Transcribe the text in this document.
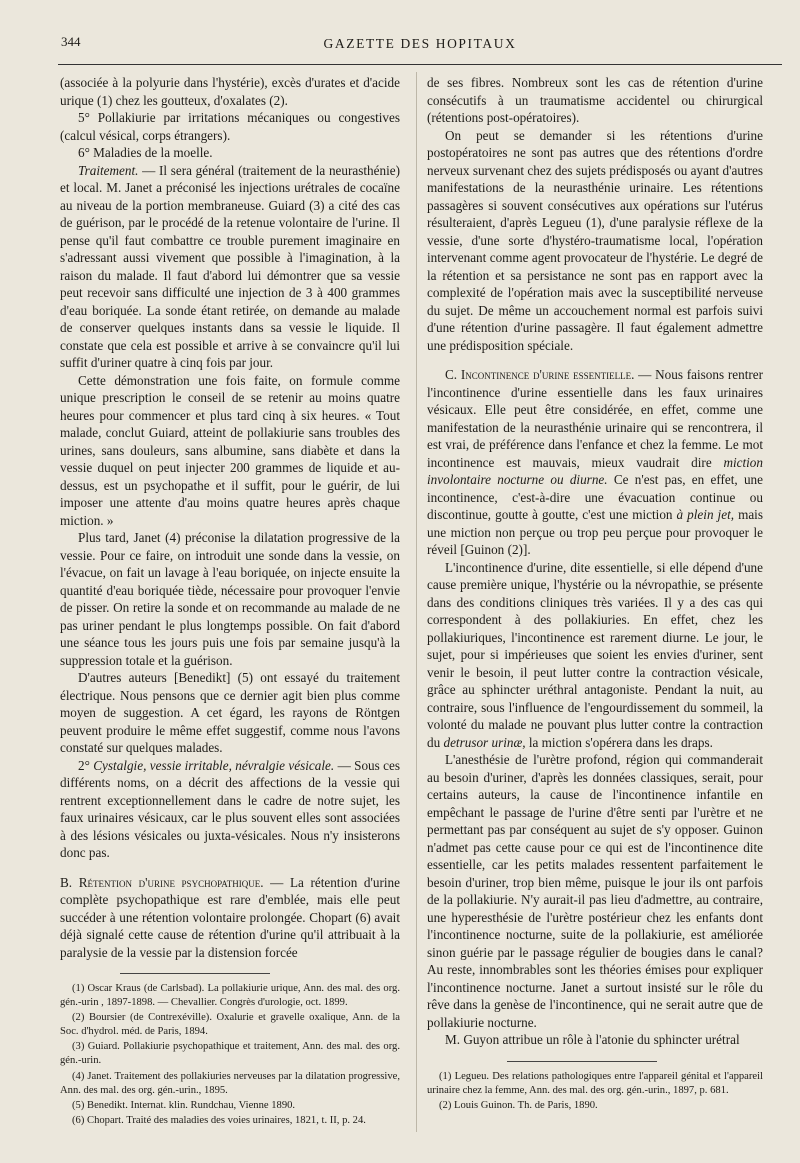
344	GAZETTE DES HOPITAUX

(associée à la polyurie dans l'hystérie), excès d'urates et d'acide urique (1) chez les goutteux, d'oxalates (2).

5° Pollakiurie par irritations mécaniques ou congestives (calcul vésical, corps étrangers).

6° Maladies de la moelle.

Traitement. — Il sera général (traitement de la neurasthénie) et local. M. Janet a préconisé les injections urétrales de cocaïne au niveau de la portion membraneuse. Guiard (3) a cité des cas de guérison, par le procédé de la retenue volontaire de l'urine. Il pense qu'il faut combattre ce trouble purement imaginaire en s'adressant aussi vivement que possible à l'imagination, à la raison du malade. Il faut d'abord lui démontrer que sa vessie peut recevoir sans difficulté une injection de 3 à 400 grammes d'eau boriquée. La sonde étant retirée, on demande au malade de conserver quelques instants dans sa vessie le liquide. Il constate que cela est possible et arrive à se convaincre qu'il lui suffit d'uriner quatre à cinq fois par jour.

Cette démonstration une fois faite, on formule comme unique prescription le conseil de se retenir au moins quatre heures pour commencer et plus tard cinq à six heures. « Tout malade, conclut Guiard, atteint de pollakiurie sans troubles des urines, sans douleurs, sans albumine, sans diabète et dans la vessie duquel on peut injecter 200 grammes de liquide et au-dessus, est un psychopathe et il suffit, pour le guérir, de lui imposer une attente d'au moins quatre heures après chaque miction. »

Plus tard, Janet (4) préconise la dilatation progressive de la vessie. Pour ce faire, on introduit une sonde dans la vessie, on l'évacue, on fait un lavage à l'eau boriquée, on injecte ensuite la quantité d'eau boriquée tiède, nécessaire pour provoquer l'envie de pisser. On retire la sonde et on recommande au malade de ne pas uriner pendant le plus longtemps possible. On fait d'abord une séance tous les jours puis une fois par semaine jusqu'à la suppression totale et la guérison.

D'autres auteurs [Benedikt] (5) ont essayé du traitement électrique. Nous pensons que ce dernier agit bien plus comme moyen de suggestion. A cet égard, les rayons de Röntgen peuvent produire le même effet suggestif, comme nous l'avons constaté sur quelques malades.

2° Cystalgie, vessie irritable, névralgie vésicale. — Sous ces différents noms, on a décrit des affections de la vessie qui rentrent exceptionnellement dans le cadre de notre sujet, les faux urinaires vésicaux, car le plus souvent elles sont associées à des lésions vésicales ou juxta-vésicales. Nous n'y insisterons donc pas.

B. Rétention d'urine psychopathique. — La rétention d'urine complète psychopathique est rare d'emblée, mais elle peut succéder à une rétention volontaire prolongée. Chopart (6) avait déjà signalé cette cause de rétention d'urine qu'il attribuait à la paralysie de la vessie par la distension forcée

(1) Oscar Kraus (de Carlsbad). La pollakiurie urique, Ann. des mal. des org. gén.-urin , 1897-1898. — Chevallier. Congrès d'urologie, oct. 1899.

(2) Boursier (de Contrexéville). Oxalurie et gravelle oxalique, Ann. de la Soc. d'hydrol. méd. de Paris, 1894.

(3) Guiard. Pollakiurie psychopathique et traitement, Ann. des mal. des org. gén.-urin.

(4) Janet. Traitement des pollakiuries nerveuses par la dilatation progressive, Ann. des mal. des org. gén.-urin., 1895.

(5) Benedikt. Internat. klin. Rundchau, Vienne 1890.

(6) Chopart. Traité des maladies des voies urinaires, 1821, t. II, p. 24.

de ses fibres. Nombreux sont les cas de rétention d'urine consécutifs à un traumatisme accidentel ou chirurgical (rétentions post-opératoires).

On peut se demander si les rétentions d'urine postopératoires ne sont pas autres que des rétentions d'ordre nerveux survenant chez des sujets prédisposés ou ayant d'autres manifestations de la neurasthénie urinaire. Les rétentions passagères si souvent consécutives aux opérations sur l'utérus résulteraient, d'après Legueu (1), d'une paralysie réflexe de la vessie, d'une sorte d'hystéro-traumatisme local, l'opération intervenant comme agent provocateur de l'hystérie. Le degré de la rétention et sa persistance ne sont pas en rapport avec la complexité de l'opération mais avec la susceptibilité nerveuse du sujet. De même un accouchement normal est parfois suivi d'une rétention d'urine passagère. Il faut également admettre une prédisposition spéciale.

C. Incontinence d'urine essentielle. — Nous faisons rentrer l'incontinence d'urine essentielle dans les faux urinaires vésicaux. Elle peut être considérée, en effet, comme une manifestation de la neurasthénie urinaire qui se rencontrera, il est vrai, de préférence dans l'enfance et chez la femme. Le mot incontinence est mauvais, mieux vaudrait dire miction involontaire nocturne ou diurne. Ce n'est pas, en effet, une incontinence, c'est-à-dire une évacuation continue ou discontinue, goutte à goutte, c'est une miction à plein jet, mais une miction non perçue ou trop peu perçue pour provoquer le réveil [Guinon (2)].

L'incontinence d'urine, dite essentielle, si elle dépend d'une cause première unique, l'hystérie ou la névropathie, se présente dans des conditions cliniques très variées. Il y a des cas qui correspondent à des pollakiuries. En effet, chez les pollakiuriques, l'incontinence est rarement diurne. Le jour, le sujet, pour si impérieuses que soient les envies d'uriner, sent venir le besoin, il peut lutter contre la contraction vésicale, grâce au sphincter uréthral antagoniste. Pendant la nuit, au contraire, sous l'influence de l'engourdissement du sommeil, la volonté du malade ne pouvant plus lutter contre la contraction du detrusor urinæ, la miction s'opérera dans les draps.

L'anesthésie de l'urètre profond, région qui commanderait au besoin d'uriner, d'après les données classiques, serait, pour certains auteurs, la cause de l'incontinence infantile en empêchant le passage de l'urine d'être senti par l'urètre et ne permettant pas par conséquent au sujet de s'y opposer. Guinon n'admet pas cette cause pour ce qui est de l'incontinence dite essentielle, car les petits malades ressentent parfaitement le besoin d'uriner, trop bien même, puisque le jour ils ont parfois de la pollakiurie. N'y aurait-il pas lieu d'admettre, au contraire, une hyperesthésie de l'urètre postérieur chez les enfants dont l'incontinence nocturne, suite de la pollakiurie, est améliorée sinon guérie par le passage régulier de bougies dans le canal? Au reste, innombrables sont les théories émises pour expliquer l'incontinence nocturne. Janet a surtout insisté sur le rôle du rêve dans la genèse de l'incontinence, qui ne serait autre que de pollakiurie nocturne.

M. Guyon attribue un rôle à l'atonie du sphincter urétral

(1) Legueu. Des relations pathologiques entre l'appareil génital et l'appareil urinaire chez la femme, Ann. des mal. des org. gén.-urin., 1897, p. 681.

(2) Louis Guinon. Th. de Paris, 1890.
